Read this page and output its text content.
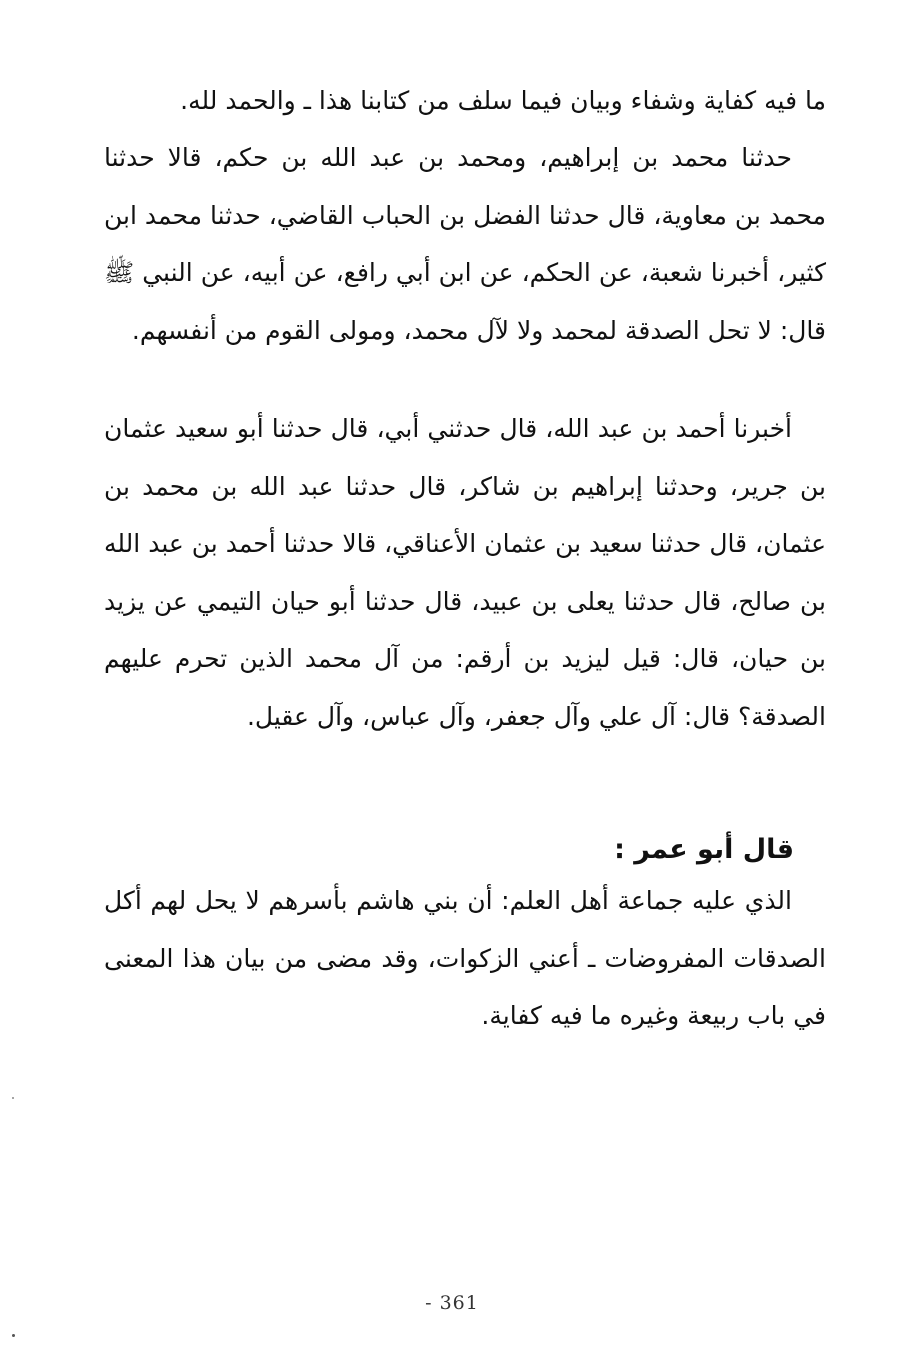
ما فيه كفاية وشفاء وبيان فيما سلف من كتابنا هذا ـ والحمد لله.

حدثنا محمد بن إبراهيم، ومحمد بن عبد الله بن حكم، قالا حدثنا محمد بن معاوية، قال حدثنا الفضل بن الحباب القاضي، حدثنا محمد ابن كثير، أخبرنا شعبة، عن الحكم، عن ابن أبي رافع، عن أبيه، عن النبي ﷺ قال: لا تحل الصدقة لمحمد ولا لآل محمد، ومولى القوم من أنفسهم.

أخبرنا أحمد بن عبد الله، قال حدثني أبي، قال حدثنا أبو سعيد عثمان بن جرير، وحدثنا إبراهيم بن شاكر، قال حدثنا عبد الله بن محمد بن عثمان، قال حدثنا سعيد بن عثمان الأعناقي، قالا حدثنا أحمد بن عبد الله بن صالح، قال حدثنا يعلى بن عبيد، قال حدثنا أبو حيان التيمي عن يزيد بن حيان، قال: قيل ليزيد بن أرقم: من آل محمد الذين تحرم عليهم الصدقة؟ قال: آل علي وآل جعفر، وآل عباس، وآل عقيل.

قال أبو عمر :

الذي عليه جماعة أهل العلم: أن بني هاشم بأسرهم لا يحل لهم أكل الصدقات المفروضات ـ أعني الزكوات، وقد مضى من بيان هذا المعنى في باب ربيعة وغيره ما فيه كفاية.

- 361
